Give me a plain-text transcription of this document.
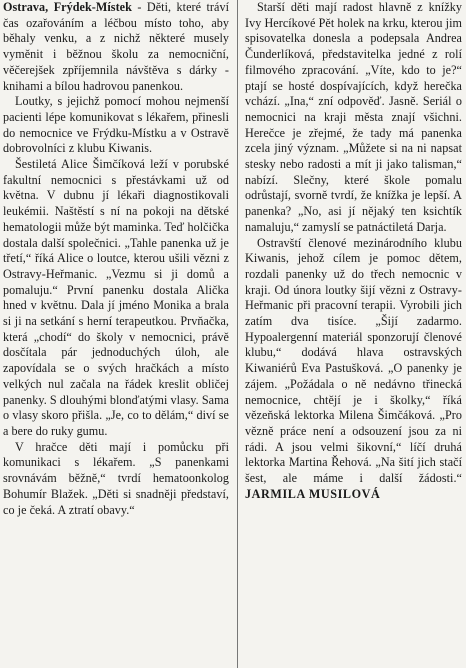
Ostrava, Frýdek-Místek - Děti, které tráví čas ozařováním a léčbou místo toho, aby běhaly venku, a z nichž některé musely vyměnit i běžnou školu za nemocniční, věčerejšek zpříjemnila návštěva s dárky - knihami a bílou hadrovou panenkou.

Loutky, s jejichž pomocí mohou nejmenší pacienti lépe komunikovat s lékařem, přinesli do nemocnice ve Frýdku-Místku a v Ostravě dobrovolníci z klubu Kiwanis.

Šestiletá Alice Šimčíková leží v porubské fakultní nemocnici s přestávkami už od května. V dubnu jí lékaři diagnostikovali leukémii. Naštěstí s ní na pokoji na dětské hematologii může být maminka. Teď holčička dostala další společnici. „Tahle panenka už je třetí,“ říká Alice o loutce, kterou ušili vězni z Ostravy-Heřmanic. „Vezmu si ji domů a pomaluju.“ První panenku dostala Alička hned v květnu. Dala jí jméno Monika a brala si ji na setkání s herní terapeutkou. Prvňačka, která „chodí“ do školy v nemocnici, právě dosčítala pár jednoduchých úloh, ale zapovídala se o svých hračkách a místo velkých nul začala na řádek kreslit obličej panenky. S dlouhými blonďatými vlasy. Sama o vlasy skoro přišla. „Je, co to dělám,“ diví se a bere do ruky gumu.

V hračce děti mají i pomůcku při komunikaci s lékařem. „S panenkami srovnávám běžně,“ tvrdí hematoonkolog Bohumír Blažek. „Děti si snadněji představí, co je čeká. A ztratí obavy.“

Starší děti mají radost hlavně z knížky Ivy Hercíkové Pět holek na krku, kterou jim spisovatelka donesla a podepsala Andrea Čunderlíková, představitelka jedné z rolí filmového zpracování. „Víte, kdo to je?“ ptají se hosté dospívajících, když herečka vchází. „Ina,“ zní odpověď. Jasně. Seriál o nemocnici na kraji města znají všichni. Herečce je zřejmé, že tady má panenka zcela jiný význam. „Můžete si na ni napsat stesky nebo radosti a mít ji jako talisman,“ nabízí. Slečny, které škole pomalu odrůstají, svorně tvrdí, že knížka je lepší. A panenka? „No, asi jí nějaký ten ksichtík namaluju,“ zamyslí se patnáctiletá Darja.

Ostravští členové mezinárodního klubu Kiwanis, jehož cílem je pomoc dětem, rozdali panenky už do třech nemocnic v kraji. Od února loutky šijí vězni z Ostravy-Heřmanic při pracovní terapii. Vyrobili jich zatím dva tisíce. „Šijí zadarmo. Hypoalergenní materiál sponzorují členové klubu,“ dodává hlava ostravských Kiwaniérů Eva Pastušková. „O panenky je zájem. „Požádala o ně nedávno třinecká nemocnice, chtějí je i školky,“ říká vězeňská lektorka Milena Šimčáková. „Pro vězně práce není a odsouzení jsou za ni rádi. A jsou velmi šikovní,“ líčí druhá lektorka Martina Řehová. „Na šití jich stačí šest, ale máme i další žádosti.“ JARMILA MUSILOVÁ
